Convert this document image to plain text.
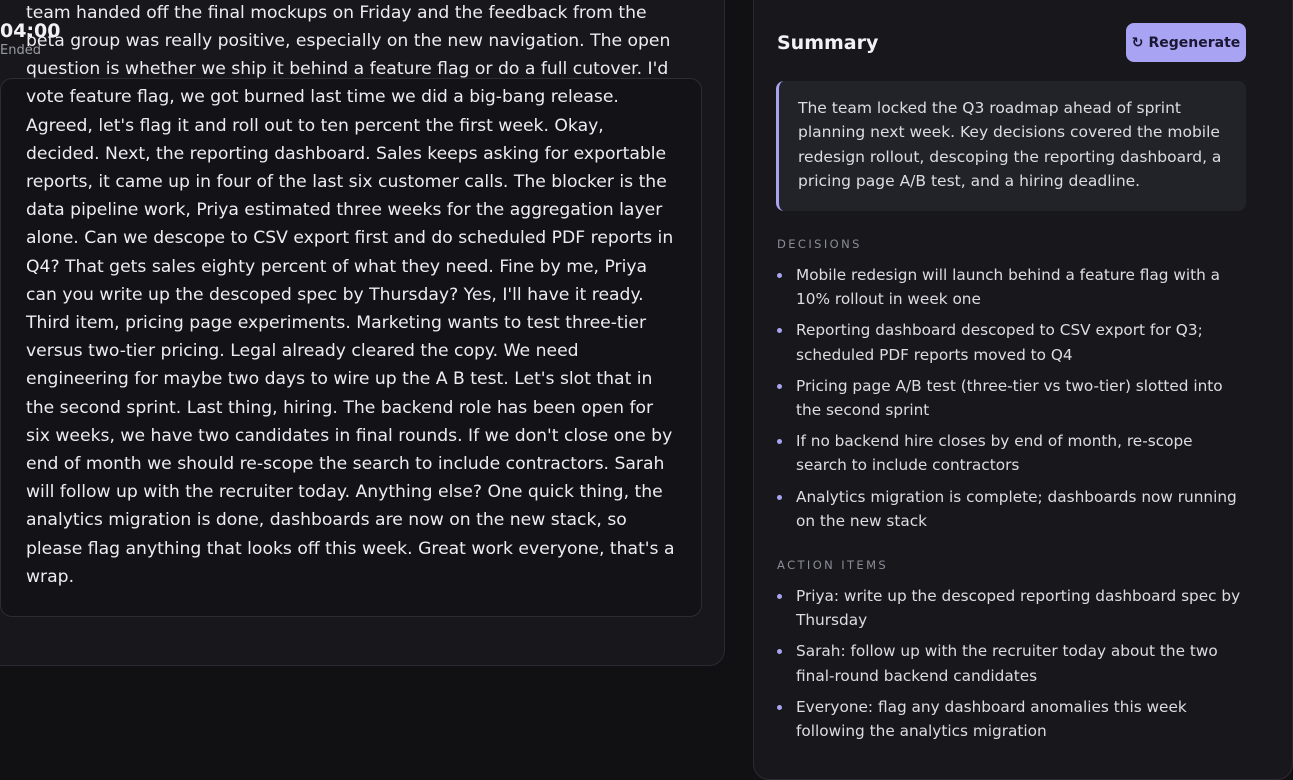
04:00
Ended

team handed off the final mockups on Friday and the feedback from the beta group was really positive, especially on the new navigation. The open question is whether we ship it behind a feature flag or do a full cutover. I'd vote feature flag, we got burned last time we did a big-bang release. Agreed, let's flag it and roll out to ten percent the first week. Okay, decided. Next, the reporting dashboard. Sales keeps asking for exportable reports, it came up in four of the last six customer calls. The blocker is the data pipeline work, Priya estimated three weeks for the aggregation layer alone. Can we descope to CSV export first and do scheduled PDF reports in Q4? That gets sales eighty percent of what they need. Fine by me, Priya can you write up the descoped spec by Thursday? Yes, I'll have it ready. Third item, pricing page experiments. Marketing wants to test three-tier versus two-tier pricing. Legal already cleared the copy. We need engineering for maybe two days to wire up the A B test. Let's slot that in the second sprint. Last thing, hiring. The backend role has been open for six weeks, we have two candidates in final rounds. If we don't close one by end of month we should re-scope the search to include contractors. Sarah will follow up with the recruiter today. Anything else? One quick thing, the analytics migration is done, dashboards are now on the new stack, so please flag anything that looks off this week. Great work everyone, that's a wrap.

Summary	↻ Regenerate

The team locked the Q3 roadmap ahead of sprint planning next week. Key decisions covered the mobile redesign rollout, descoping the reporting dashboard, a pricing page A/B test, and a hiring deadline.

DECISIONS
Mobile redesign will launch behind a feature flag with a 10% rollout in week one
Reporting dashboard descoped to CSV export for Q3; scheduled PDF reports moved to Q4
Pricing page A/B test (three-tier vs two-tier) slotted into the second sprint
If no backend hire closes by end of month, re-scope search to include contractors
Analytics migration is complete; dashboards now running on the new stack
ACTION ITEMS
Priya: write up the descoped reporting dashboard spec by Thursday
Sarah: follow up with the recruiter today about the two final-round backend candidates
Everyone: flag any dashboard anomalies this week following the analytics migration
